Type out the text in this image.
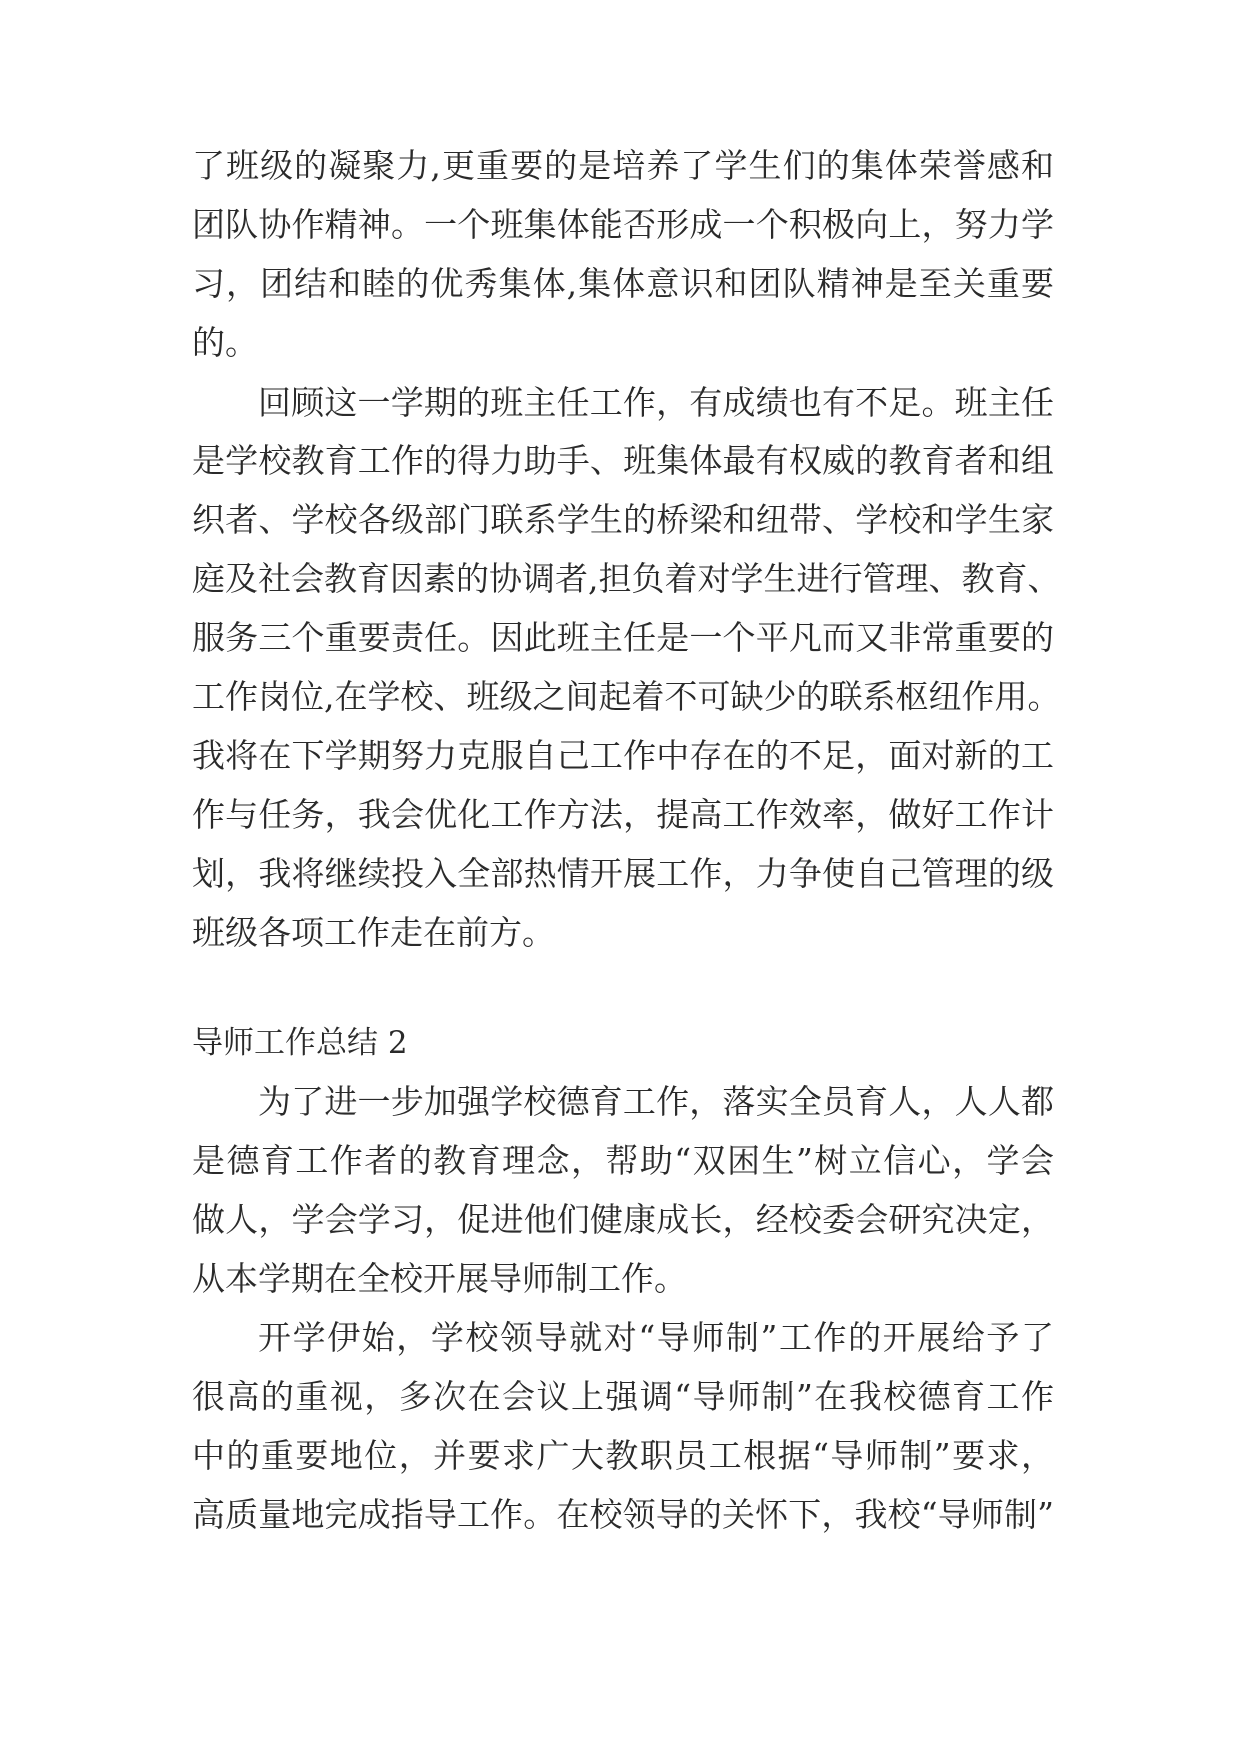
了班级的凝聚力,更重要的是培养了学生们的集体荣誉感和
团队协作精神。一个班集体能否形成一个积极向上，努力学
习，团结和睦的优秀集体,集体意识和团队精神是至关重要
的。
回顾这一学期的班主任工作，有成绩也有不足。班主任
是学校教育工作的得力助手、班集体最有权威的教育者和组
织者、学校各级部门联系学生的桥梁和纽带、学校和学生家
庭及社会教育因素的协调者,担负着对学生进行管理、教育、
服务三个重要责任。因此班主任是一个平凡而又非常重要的
工作岗位,在学校、班级之间起着不可缺少的联系枢纽作用。
我将在下学期努力克服自己工作中存在的不足，面对新的工
作与任务，我会优化工作方法，提高工作效率，做好工作计
划，我将继续投入全部热情开展工作，力争使自己管理的级
班级各项工作走在前方。
导师工作总结 2
为了进一步加强学校德育工作，落实全员育人，人人都
是德育工作者的教育理念，帮助“双困生”树立信心，学会
做人，学会学习，促进他们健康成长，经校委会研究决定，
从本学期在全校开展导师制工作。
开学伊始，学校领导就对“导师制”工作的开展给予了
很高的重视，多次在会议上强调“导师制”在我校德育工作
中的重要地位，并要求广大教职员工根据“导师制”要求，
高质量地完成指导工作。在校领导的关怀下，我校“导师制”
